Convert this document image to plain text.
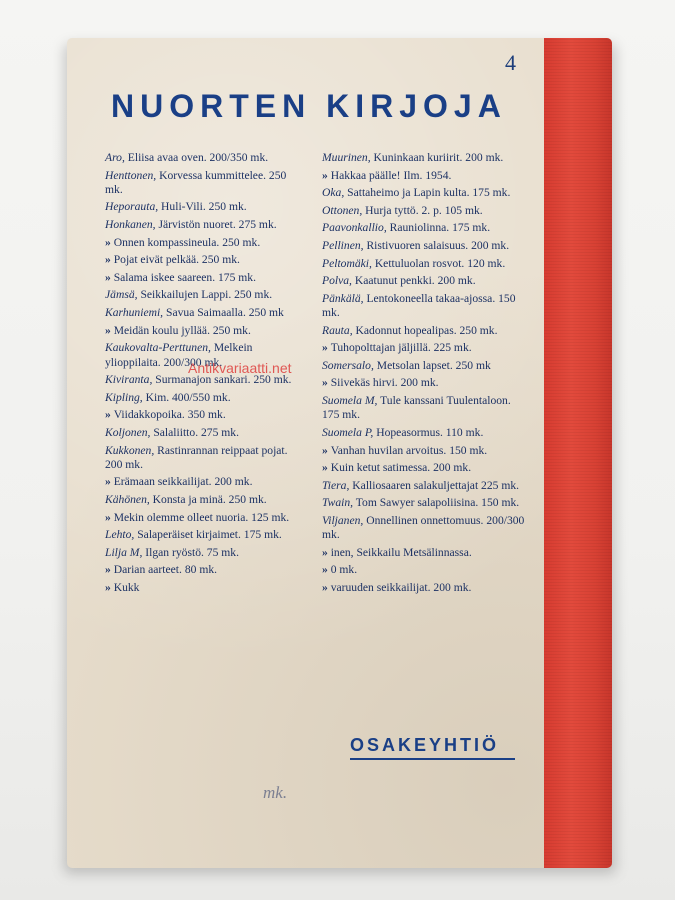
4
NUORTEN KIRJOJA
Aro, Eliisa avaa oven. 200/350 mk.
Henttonen, Korvessa kummittelee. 250 mk.
Heporauta, Huli-Vili. 250 mk.
Honkanen, Järvistön nuoret. 275 mk.
» Onnen kompassineula. 250 mk.
» Pojat eivät pelkää. 250 mk.
» Salama iskee saareen. 175 mk.
Jämsä, Seikkailujen Lappi. 250 mk.
Karhuniemi, Savua Saimaalla. 250 mk
» Meidän koulu jyllää. 250 mk.
Kaukovalta-Perttunen, Melkein ylioppilaita. 200/300 mk.
Kiviranta, Surmanajon sankari. 250 mk.
Kipling, Kim. 400/550 mk.
» Viidakkopoika. 350 mk.
Koljonen, Salaliitto. 275 mk.
Kukkonen, Rastinrannan reippaat pojat. 200 mk.
» Erämaan seikkailijat. 200 mk.
Kähönen, Konsta ja minä. 250 mk.
» Mekin olemme olleet nuoria. 125 mk.
Lehto, Salaperäiset kirjaimet. 175 mk.
Lilja M, Ilgan ryöstö. 75 mk.
» Darian aarteet. 80 mk.
» Kukk
Muurinen, Kuninkaan kuriirit. 200 mk.
» Hakkaa päälle! Ilm. 1954.
Oka, Sattaheimo ja Lapin kulta. 175 mk.
Ottonen, Hurja tyttö. 2. p. 105 mk.
Paavonkallio, Rauniolinna. 175 mk.
Pellinen, Ristivuoren salaisuus. 200 mk.
Peltomäki, Kettuluolan rosvot. 120 mk.
Polva, Kaatunut penkki. 200 mk.
Pänkälä, Lentokoneella takaa-ajossa. 150 mk.
Rauta, Kadonnut hopealipas. 250 mk.
» Tuhopolttajan jäljillä. 225 mk.
Somersalo, Metsolan lapset. 250 mk
» Siivekäs hirvi. 200 mk.
Suomela M, Tule kanssani Tuulentaloon. 175 mk.
Suomela P, Hopeasormus. 110 mk.
» Vanhan huvilan arvoitus. 150 mk.
» Kuin ketut satimessa. 200 mk.
Tiera, Kalliosaaren salakuljettajat 225 mk.
Twain, Tom Sawyer salapoliisina. 150 mk.
Viljanen, Onnellinen onnettomuus. 200/300 mk.
» inen, Seikkailu Metsälinnassa.
» 0 mk.
» varuuden seikkailijat. 200 mk.
OSAKEYHTIÖ
mk.
Antikvariaatti.net
